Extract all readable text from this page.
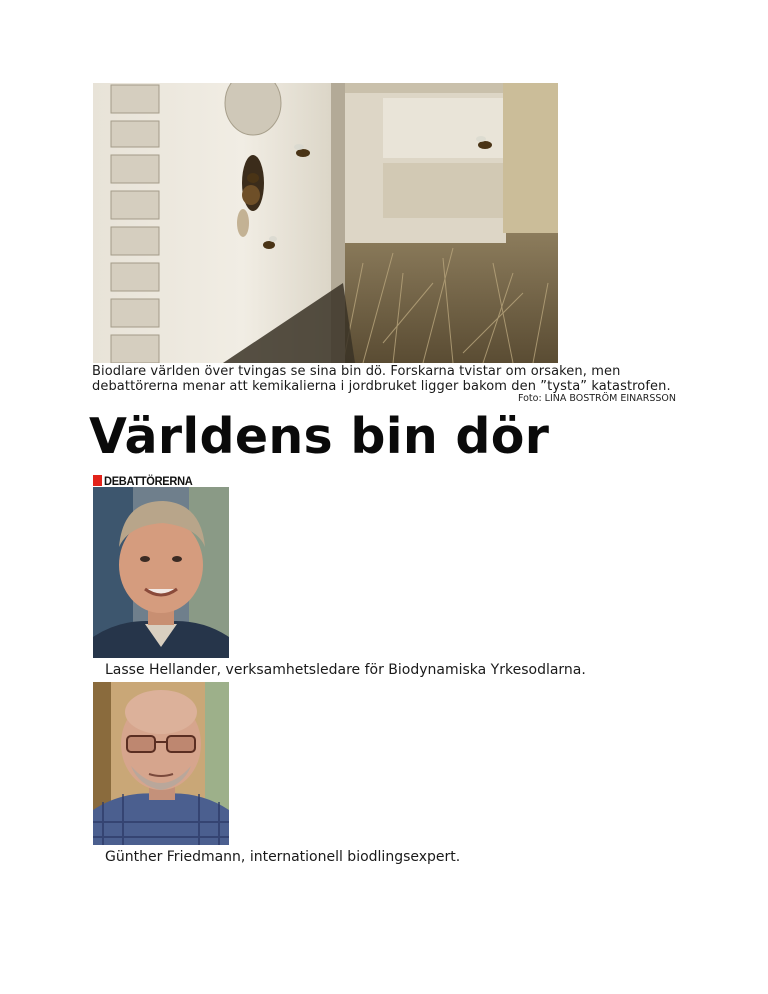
Biodlare världen över tvingas se sina bin dö. Forskarna tvistar om orsaken, men debattörerna menar att kemikalierna i jordbruket ligger bakom den ”tysta” katastrofen.
Foto: LINA BOSTRÖM EINARSSON
Världens bin dör
DEBATTÖRERNA
Lasse Hellander, verksamhetsledare för Biodynamiska Yrkesodlarna.
Günther Friedmann, internationell biodlingsexpert.
